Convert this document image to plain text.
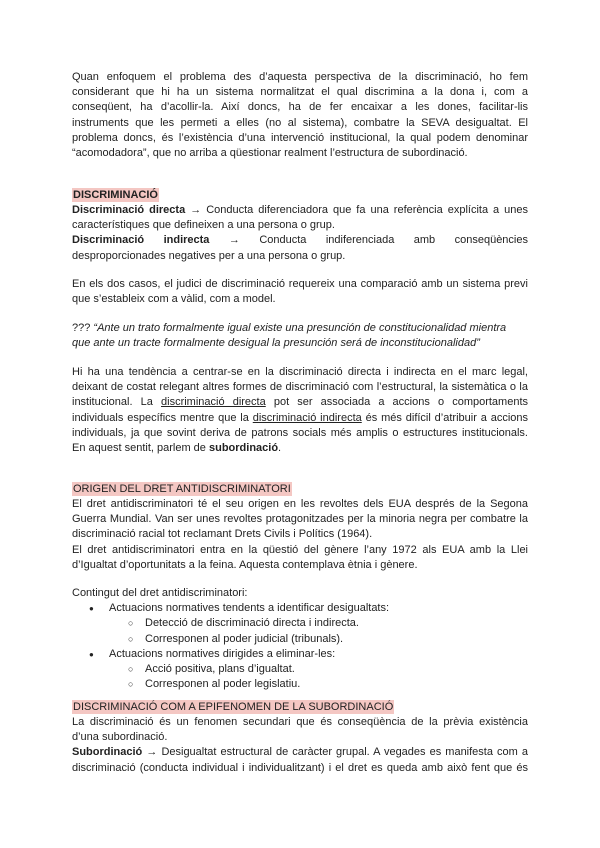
Quan enfoquem el problema des d’aquesta perspectiva de la discriminació, ho fem

considerant que hi ha un sistema normalitzat el qual discrimina a la dona i, com a

conseqüent, ha d’acollir-la. Així doncs, ha de fer encaixar a les dones, facilitar-lis

instruments que les permeti a elles (no al sistema), combatre la SEVA desigualtat. El

problema doncs, és l’existència d’una intervenció institucional, la qual podem denominar

“acomodadora”, que no arriba a qüestionar realment l’estructura de subordinació.

DISCRIMINACIÓ

Discriminació directa → Conducta diferenciadora que fa una referència explícita a unes

característiques que defineixen a una persona o grup.

Discriminació indirecta → Conducta indiferenciada amb conseqüències

desproporcionades negatives per a una persona o grup.

En els dos casos, el judici de discriminació requereix una comparació amb un sistema previ

que s’estableix com a vàlid, com a model.

??? “Ante un trato formalmente igual existe una presunción de constitucionalidad mientra

que ante un tracte formalmente desigual la presunción será de inconstitucionalidad”

Hi ha una tendència a centrar-se en la discriminació directa i indirecta en el marc legal,

deixant de costat relegant altres formes de discriminació com l’estructural, la sistemàtica o la

institucional. La discriminació directa pot ser associada a accions o comportaments

individuals específics mentre que la discriminació indirecta és més difícil d’atribuir a accions

individuals, ja que sovint deriva de patrons socials més amplis o estructures institucionals.

En aquest sentit, parlem de subordinació.

ORIGEN DEL DRET ANTIDISCRIMINATORI

El dret antidiscriminatori té el seu origen en les revoltes dels EUA després de la Segona

Guerra Mundial. Van ser unes revoltes protagonitzades per la minoria negra per combatre la

discriminació racial tot reclamant Drets Civils i Polítics (1964).

El dret antidiscriminatori entra en la qüestió del gènere l’any 1972 als EUA amb la Llei

d’Igualtat d’oportunitats a la feina. Aquesta contemplava ètnia i gènere.

Contingut del dret antidiscriminatori:

● Actuacions normatives tendents a identificar desigualtats:
○ Detecció de discriminació directa i indirecta.
○ Corresponen al poder judicial (tribunals).
● Actuacions normatives dirigides a eliminar-les:
○ Acció positiva, plans d’igualtat.
○ Corresponen al poder legislatiu.
DISCRIMINACIÓ COM A EPIFENOMEN DE LA SUBORDINACIÓ

La discriminació és un fenomen secundari que és conseqüència de la prèvia existència

d’una subordinació.

Subordinació → Desigualtat estructural de caràcter grupal. A vegades es manifesta com a

discriminació (conducta individual i individualitzant) i el dret es queda amb això fent que és
